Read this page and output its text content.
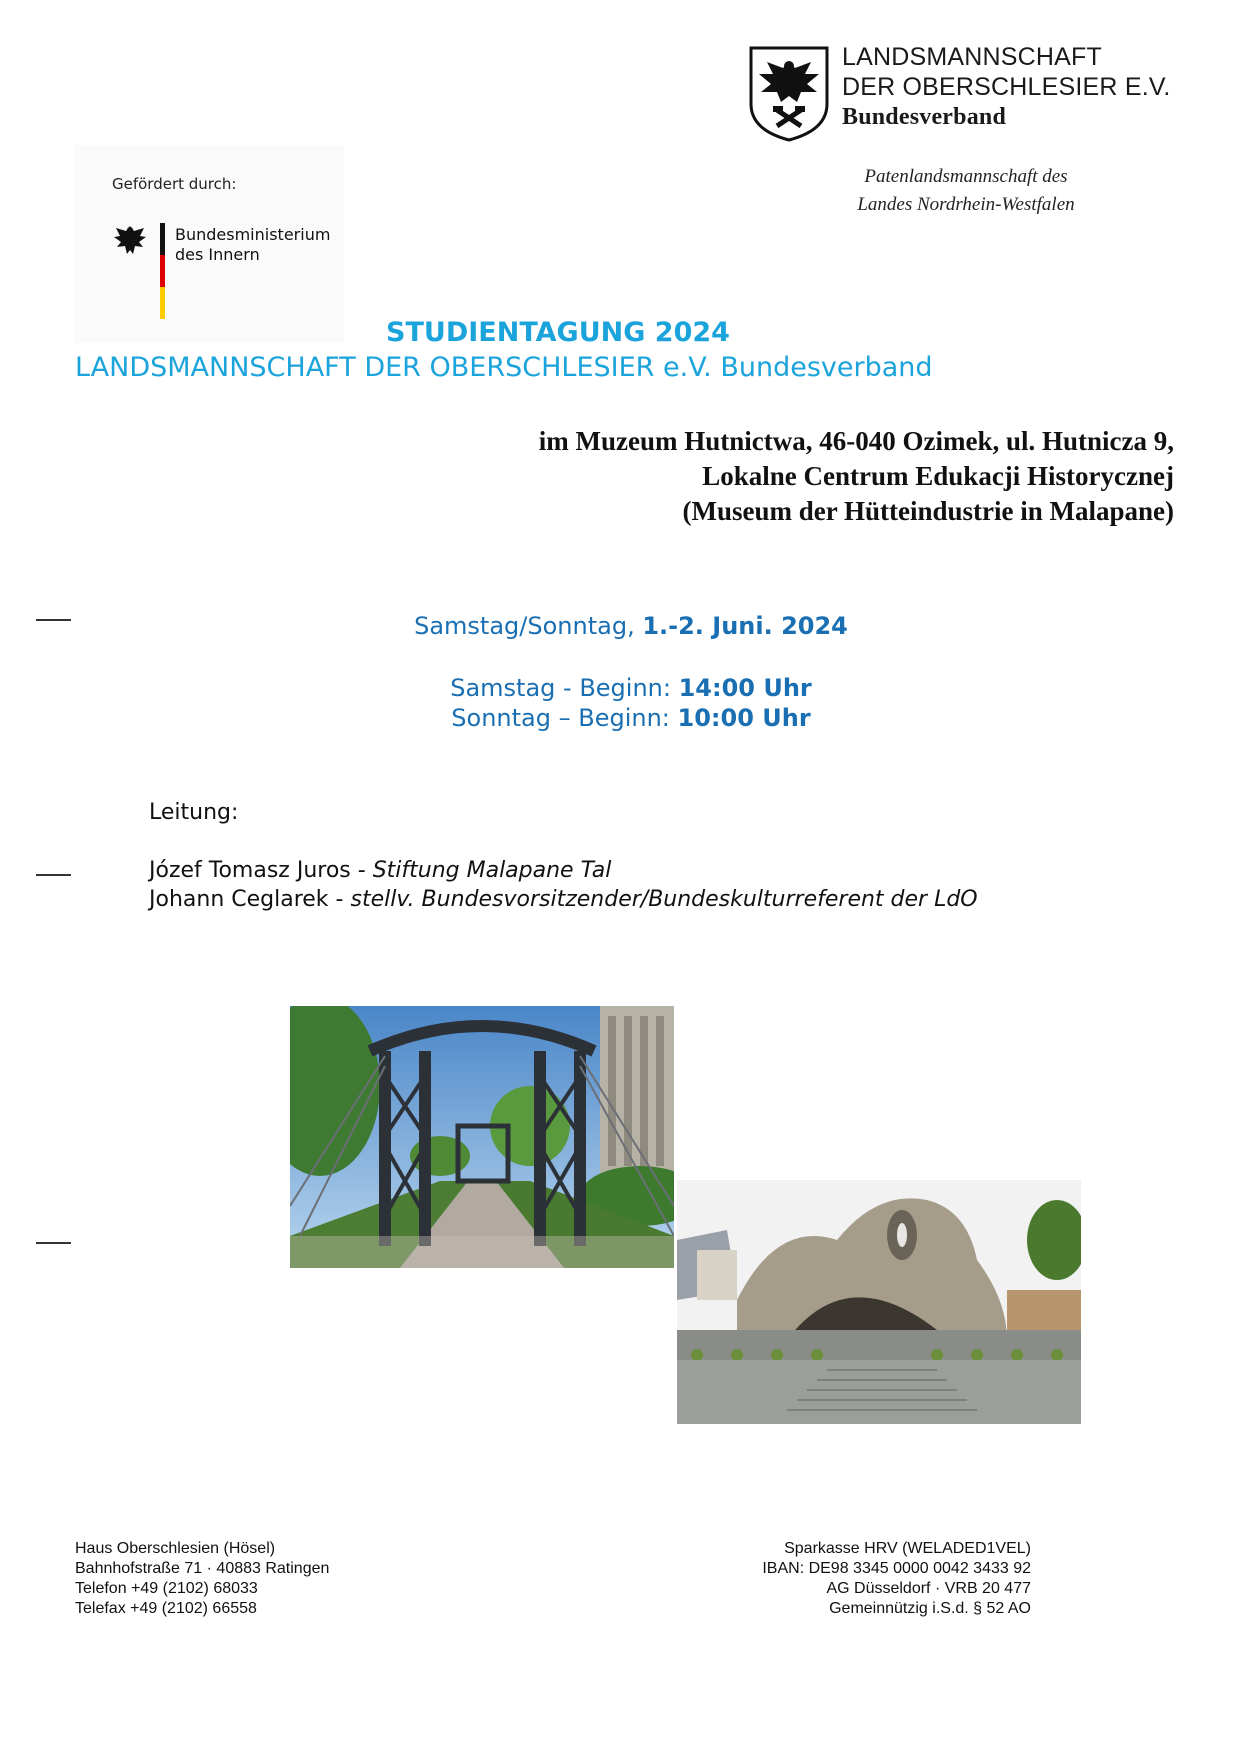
LANDSMANNSCHAFT
DER OBERSCHLESIER E.V.
Bundesverband
Patenlandsmannschaft des
Landes Nordrhein-Westfalen
Gefördert durch:
Bundesministerium
des Innern
STUDIENTAGUNG 2024
LANDSMANNSCHAFT DER OBERSCHLESIER e.V. Bundesverband
im Muzeum Hutnictwa, 46-040 Ozimek, ul. Hutnicza 9,
Lokalne Centrum Edukacji Historycznej
(Museum der Hütteindustrie in Malapane)
Samstag/Sonntag, 1.-2. Juni. 2024
Samstag - Beginn: 14:00 Uhr
Sonntag – Beginn: 10:00 Uhr
Leitung:
Józef Tomasz Juros - Stiftung Malapane Tal
Johann Ceglarek - stellv. Bundesvorsitzender/Bundeskulturreferent der LdO
Haus Oberschlesien (Hösel)
Bahnhofstraße 71 · 40883 Ratingen
Telefon +49 (2102) 68033
Telefax +49 (2102) 66558
Sparkasse HRV (WELADED1VEL)
IBAN: DE98 3345 0000 0042 3433 92
AG Düsseldorf · VRB 20 477
Gemeinnützig i.S.d. § 52 AO
